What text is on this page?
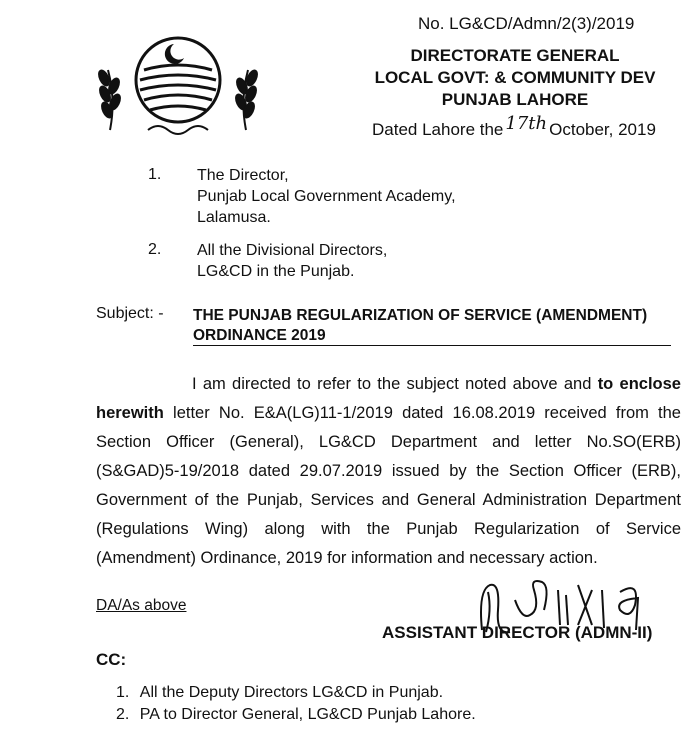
No. LG&CD/Admn/2(3)/2019
DIRECTORATE GENERAL
LOCAL GOVT: & COMMUNITY DEV
PUNJAB LAHORE
Dated Lahore the 17th October, 2019
1. The Director,
Punjab Local Government Academy,
Lalamusa.
2. All the Divisional Directors,
LG&CD in the Punjab.
Subject: - THE PUNJAB REGULARIZATION OF SERVICE (AMENDMENT)
ORDINANCE 2019
I am directed to refer to the subject noted above and to enclose herewith letter No. E&A(LG)11-1/2019 dated 16.08.2019 received from the Section Officer (General), LG&CD Department and letter No.SO(ERB) (S&GAD)5-19/2018 dated 29.07.2019 issued by the Section Officer (ERB), Government of the Punjab, Services and General Administration Department (Regulations Wing) along with the Punjab Regularization of Service (Amendment) Ordinance, 2019 for information and necessary action.
DA/As above
ASSISTANT DIRECTOR (ADMN-II)
CC:
1. All the Deputy Directors LG&CD in Punjab.
2. PA to Director General, LG&CD Punjab Lahore.
